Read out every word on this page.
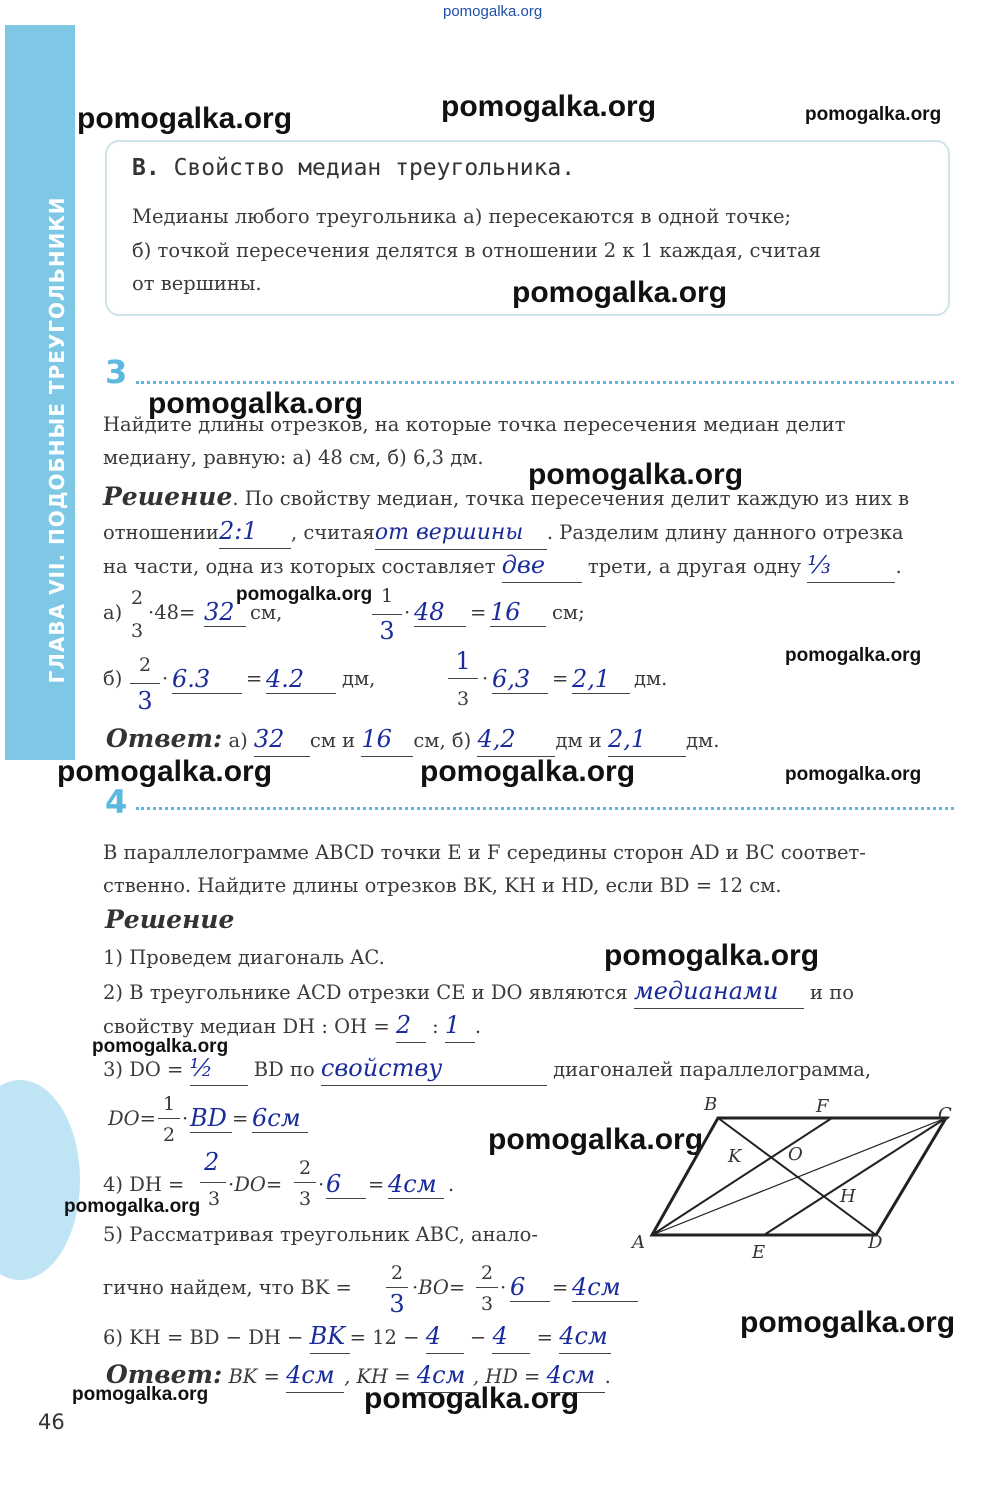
ГЛАВА VII. ПОДОБНЫЕ ТРЕУГОЛЬНИКИ
pomogalka.org
pomogalka.org	pomogalka.org	pomogalka.org
pomogalka.org
pomogalka.org
pomogalka.org
pomogalka.org
pomogalka.org
pomogalka.org	pomogalka.org	pomogalka.org
pomogalka.org
pomogalka.org
pomogalka.org
pomogalka.org
pomogalka.org
pomogalka.org	pomogalka.org
B. Свойство медиан треугольника.
Медианы любого треугольника а) пересекаются в одной точке;
б) точкой пересечения делятся в отношении 2 к 1 каждая, считая
от вершины.
3
Найдите длины отрезков, на которые точка пересечения медиан делит
медиану, равную: а) 48 см, б) 6,3 дм.
Решение. По свойству медиан, точка пересечения делит каждую из них в
отношении2:1 , считаяот вершины . Разделим длину данного отрезка
на части, одна из которых составляет две трети, а другая одну ⅓	.
а)
2
3
·48= 32 см,
1
3
· 48	= 16	см;
б)
2
3
· 6.3	= 4.2	дм,
1
3
· 6,3	= 2,1	дм.
Ответ: а) 32 см и 16 см, б) 4,2 дм и 2,1 дм.
4
В параллелограмме ABCD точки E и F середины сторон AD и BC соответ-
ственно. Найдите длины отрезков BK, KH и HD, если BD = 12 см.
Решение
1) Проведем диагональ AC.
2) В треугольнике ACD отрезки CE и DO являются медианами и по
свойству медиан DH : OH = 2 : 1 .
3) DO = ½ BD по свойству	диагоналей параллелограмма,
DO=
1
2
· BD = 6см
4) DH =
2
3
·DO=
2
3
· 6	= 4см .
5) Рассматривая треугольник ABC, анало-
гично найдем, что BK =
2
3
·BO=
2
3
· 6	= 4см
6) KH = BD − DH − BK = 12 − 4 − 4 = 4см
Ответ: BK = 4см , KH = 4см , HD = 4см .
A
B	C
D
E
F
K	O
H
46
